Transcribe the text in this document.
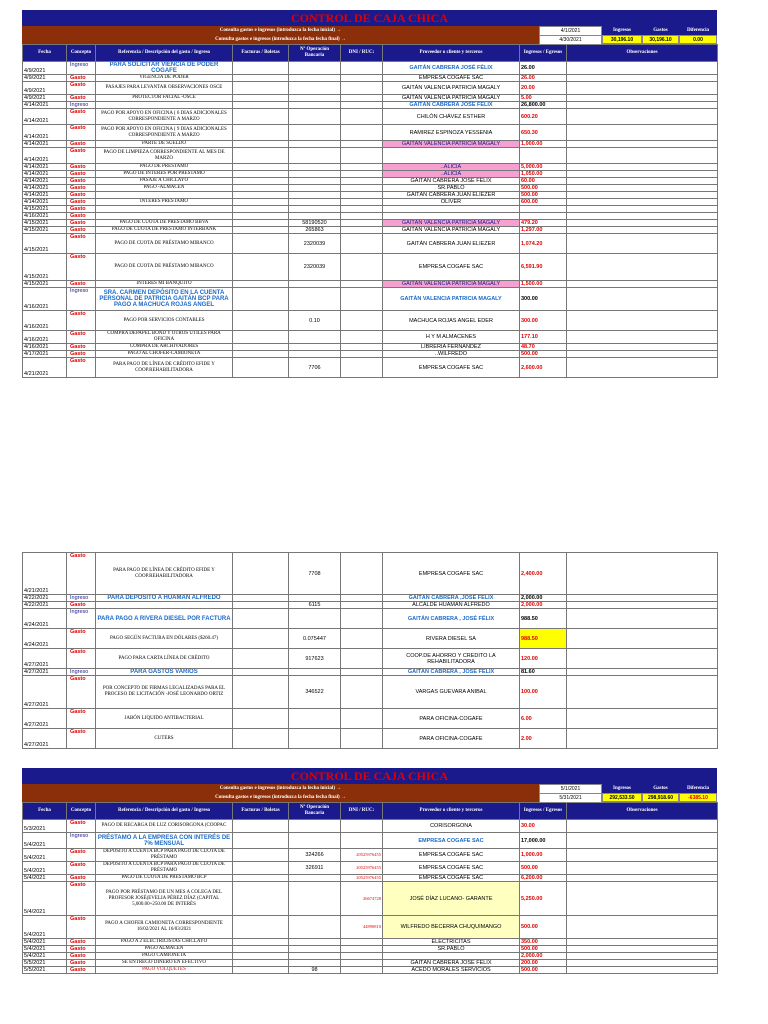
CONTROL DE CAJA CHICA
Consulta gastos e ingresos (introduzca la fecha inicial) →
Consulta gastos e ingresos (introduzca la fecha fecha final) →
4/1/2021
4/30/2021
Ingresos	Gastos	Diferencia
30,196.10	30,196.10	0.00
Fecha	Concepto	Referencia / Descripción del gasto / Ingreso	Facturas / Boletas	Nº Operación Bancaria	DNI / RUC:	Proveedor o cliente y terceros	Ingresos / Egresos	Observaciones
4/9/2021	Ingreso	PARA SOLICITAR VIENCIA DE PODER COGAFE				GAITÁN CABRERA JOSÉ FÉLIX	26.00	
4/9/2021	Gasto	VIGENCIA DE PODER				EMPRESA COGAFE SAC	26.00	
4/9/2021	Gasto	PASAJES PARA LEVANTAR OBSERVACIONES OSCE				GAITÁN VALENCIA PATRICIA MAGALY	20.00	
4/9/2021	Gasto	PROTECTOR FACIAL -OSCE				GAITÁN VALENCIA PATRICIA MAGALY	5.00	
4/14/2021	Ingreso					GAITÁN CABRERA JOSÉ FÉLIX	26,800.00	
4/14/2021	Gasto	PAGO POR APOYO EN OFICINA ( 6 DIAS ADICIONALES CORRESPONDIENTE A MARZO				CHILÓN CHÁVEZ ESTHER	600.20	
4/14/2021	Gasto	PAGO POR APOYO EN OFICINA ( 9 DIAS ADICIONALES CORRESPONDIENTE A MARZO				RAMIREZ ESPINOZA YESSENIA	650.30	
4/14/2021	Gasto	PARTE DE SUELDO				GAITÁN VALENCIA PATRICIA MAGALY	1,000.00	
4/14/2021	Gasto	PAGO DE LIMPIEZA CORRESPONDIENTE AL MES DE MARZO						
4/14/2021	Gasto	PAGO DE PRÉSTAMO				..ALICIA	5,000.00	
4/14/2021	Gasto	PAGO DE INTERÉS POR PRÉSTAMO				..ALICIA	1,050.00	
4/14/2021	Gasto	PASAJE A CHICLAYO				GAITÁN CABRERA JOSÉ FÉLIX	60.00	
4/14/2021	Gasto	PAGO -ALMACÉN				SR.PABLO	500.00	
4/14/2021	Gasto					GAITÁN CABRERA JUAN ELIEZER	500.00	
4/14/2021	Gasto	INTERÉS PRÉSTAMO				OLIVER	600.00	
4/15/2021	Gasto							
4/16/2021	Gasto							
4/15/2021	Gasto	PAGO DE CUOTA DE PRÉSTAMO BBVA		58190520		GAITÁN VALENCIA PATRICIA MAGALY	479.20	
4/15/2021	Gasto	PAGO DE CUOTA DE PRÉSTAMO INTERBANK		265863		GAITÁN VALENCIA PATRICIA MAGALY	1,297.00	
4/15/2021	Gasto	PAGO DE CUOTA DE PRÉSTAMO MIBANCO		2320039		GAITÁN CABRERA JUAN ELIEZER	1,074.20	
4/15/2021	Gasto	PAGO DE CUOTA DE PRÉSTAMO MIBANCO		2320039		EMPRESA COGAFE SAC	6,591.90	
4/15/2021	Gasto	INTERES MI BANQUITO				GAITÁN VALENCIA PATRICIA MAGALY	1,500.00	
4/16/2021	Ingreso	SRA. CARMEN DEPÓSITO EN LA CUENTA PERSONAL DE PATRICIA GAITÁN BCP PARA PAGO A MACHUCA ROJAS ANGEL				GAITÁN VALENCIA PATRICIA MAGALY	300.00	
4/16/2021	Gasto	PAGO POR SERVICIOS CONTABLES		0.10		MACHUCA ROJAS ANGEL EDER	300.00	
4/16/2021	Gasto	COMPRA DEPAPEL BOND Y OTROS ÚTILES PARA OFICINA				H Y M ALMACENES	177.10	
4/16/2021	Gasto	COMPRA DE ARCHIVADORES				LIBRERÍA FERNANDEZ	48.70	
4/17/2021	Gasto	PAGO AL CHOFER-CAMIONETA				..WILFREDO	500.00	
4/21/2021	Gasto	PARA PAGO DE LÍNEA DE CRÉDITO EFIDE Y COOP.REHABILITADORA		7706		EMPRESA COGAFE SAC	2,600.00	
4/21/2021	Gasto	PARA PAGO DE LÍNEA DE CRÉDITO EFIDE Y COOP.REHABILITADORA		7708		EMPRESA COGAFE SAC	2,400.00	
4/22/2021	Ingreso	PARA DEPÓSITO A HUAMAN ALFREDO				GAITÁN CABRERA ,JOSÉ FÉLIX	2,000.00	
4/22/2021	Gasto			6115		ALCALDE HUAMAN ALFREDO	2,000.00	
4/24/2021	Ingreso	PARA PAGO A RIVERA DIESEL POR FACTURA				GAITÁN CABRERA , JOSÉ FÉLIX	988.50	
4/24/2021	Gasto	PAGO SEGÚN FACTURA EN DÓLARES ($260.47)		0.075447		RIVERA DIESEL SA	988.50	
4/27/2021	Gasto	PAGO PARA CARTA LÍNEA DE CRÉDITO		917623		COOP.DE AHORRO Y CREDITO LA REHABILITADORA	120.00	
4/27/2021	Ingreso	PARA GASTOS VARIOS				GAITÁN CABRERA , JOSÉ FÉLIX	81.60	
4/27/2021	Gasto	POR CONCEPTO DE FIRMAS LEGALIZADAS PARA EL PROCESO DE LICITACIÓN -JOSÉ LEONARDO ORTIZ		346522		VARGAS GUEVARA ANIBAL	100.00	
4/27/2021	Gasto	JABÓN LIQUIDO ANTIBACTERIAL				PARA OFICINA-COGAFE	6.00	
4/27/2021	Gasto	CUTERS				PARA OFICINA-COGAFE	2.00	
CONTROL DE CAJA CHICA
Consulta gastos e ingresos (introduzca la fecha inicial) →
Consulta gastos e ingresos (introduzca la fecha fecha final) →
5/1/2021
5/31/2021
Ingresos	Gastos	Diferencia
292,533.50	298,918.60	-6385.10
Fecha	Concepto	Referencia / Descripción del gasto / Ingreso	Facturas / Boletas	Nº Operación Bancaria	DNI / RUC:	Proveedor o cliente y terceros	Ingresos / Egresos	Observaciones
5/3/2021	Gasto	PAGO DE RECARGA DE LUZ CORISORGONA (COOPAC				CORISORGONA	30.00	
5/4/2021	Ingreso	PRÉSTAMO A LA EMPRESA CON INTERÉS DE 7% MENSUAL				EMPRESA COGAFE SAC	17,000.00	
5/4/2021	Gasto	DEPÓSITO A CUENTA BCP PARA PAGO DE CUOTA DE PRÉSTAMO		324266	20525976455	EMPRESA COGAFE SAC	1,000.00	
5/4/2021	Gasto	DEPÓSITO A CUENTA BCP PARA PAGO DE CUOTA DE PRÉSTAMO		326911	20525976455	EMPRESA COGAFE SAC	500.00	
5/4/2021	Gasto	PAGO DE CUOTA DE PRÉSTAMO BCP			20525976455	EMPRESA COGAFE SAC	6,200.00	
5/4/2021	Gasto	PAGO POR PRÉSTAMO DE UN MES A COLEGA DEL PROFESOR JOSÉ(EVELIA PÉREZ DÍAZ (CAPITAL 5,000.00+250.00 DE INTERÉS			26674728	JOSÉ DÍAZ LUCANO- GARANTE	5,250.00	
5/4/2021	Gasto	PAGO A CHOFER CAMIONETA CORRESPONDIENTE 16/02/2021 AL 16/03/2021			44890810	WILFREDO BECERRA CHUQUIMANGO	500.00	
5/4/2021	Gasto	PAGO A 2 ELECTRICISTAS CHICLAYO				ELECTRICITAS	350.00	
5/4/2021	Gasto	PAGO ALMACÉN				SR.PABLO	500.00	
5/4/2021	Gasto	PAGO CAMIONETA					2,000.00	
5/5/2021	Gasto	SE ENTREGO DINERO EN EFECTIVO				GAITÁN CABRERA JOSÉ FÉLIX	200.00	
5/5/2021	Gasto	PAGO VOLQUETES		98		ACEDO MORALES SERVICIOS	500.00	
